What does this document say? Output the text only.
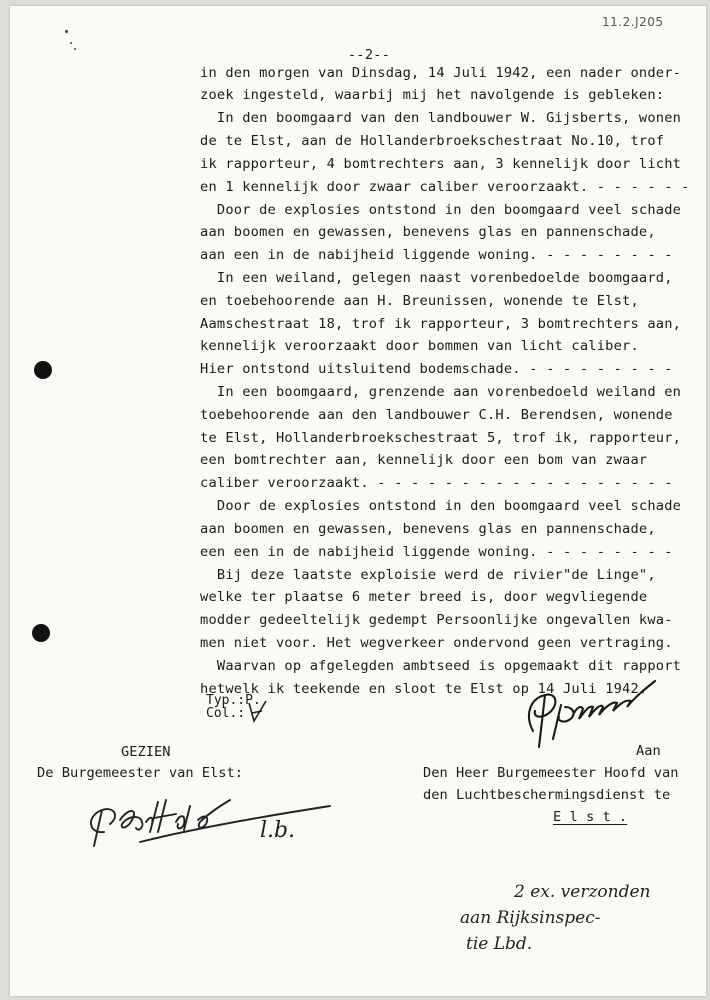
11.2.J205
--2--
in den morgen van Dinsdag, 14 Juli 1942, een nader onder-
zoek ingesteld, waarbij mij het navolgende is gebleken:
In den boomgaard van den landbouwer W. Gijsberts, wonen
de te Elst, aan de Hollanderbroekschestraat No.10, trof
ik rapporteur, 4 bomtrechters aan, 3 kennelijk door licht
en 1 kennelijk door zwaar caliber veroorzaakt. - - - - - -
Door de explosies ontstond in den boomgaard veel schade
aan boomen en gewassen, benevens glas en pannenschade,
aan een in de nabijheid liggende woning. - - - - - - - -
In een weiland, gelegen naast vorenbedoelde boomgaard,
en toebehoorende aan H. Breunissen, wonende te Elst,
Aamschestraat 18, trof ik rapporteur, 3 bomtrechters aan,
kennelijk veroorzaakt door bommen van licht caliber.
Hier ontstond uitsluitend bodemschade. - - - - - - - - -
In een boomgaard, grenzende aan vorenbedoeld weiland en
toebehoorende aan den landbouwer C.H. Berendsen, wonende
te Elst, Hollanderbroekschestraat 5, trof ik, rapporteur,
een bomtrechter aan, kennelijk door een bom van zwaar
caliber veroorzaakt. - - - - - - - - - - - - - - - - - -
Door de explosies ontstond in den boomgaard veel schade
aan boomen en gewassen, benevens glas en pannenschade,
een een in de nabijheid liggende woning. - - - - - - - -
Bij deze laatste exploisie werd de rivier"de Linge",
welke ter plaatse 6 meter breed is, door wegvliegende
modder gedeeltelijk gedempt Persoonlijke ongevallen kwa-
men niet voor. Het wegverkeer ondervond geen vertraging.
Waarvan op afgelegden ambtseed is opgemaakt dit rapport
hetwelk ik teekende en sloot te Elst op 14 Juli 1942.
Typ.:P.
Col.:
GEZIEN
De Burgemeester van Elst:
l.b.
Aan
Den Heer Burgemeester Hoofd van
den Luchtbeschermingsdienst te
E l s t .
2 ex. verzonden
aan Rijksinspec-
tie Lbd.
